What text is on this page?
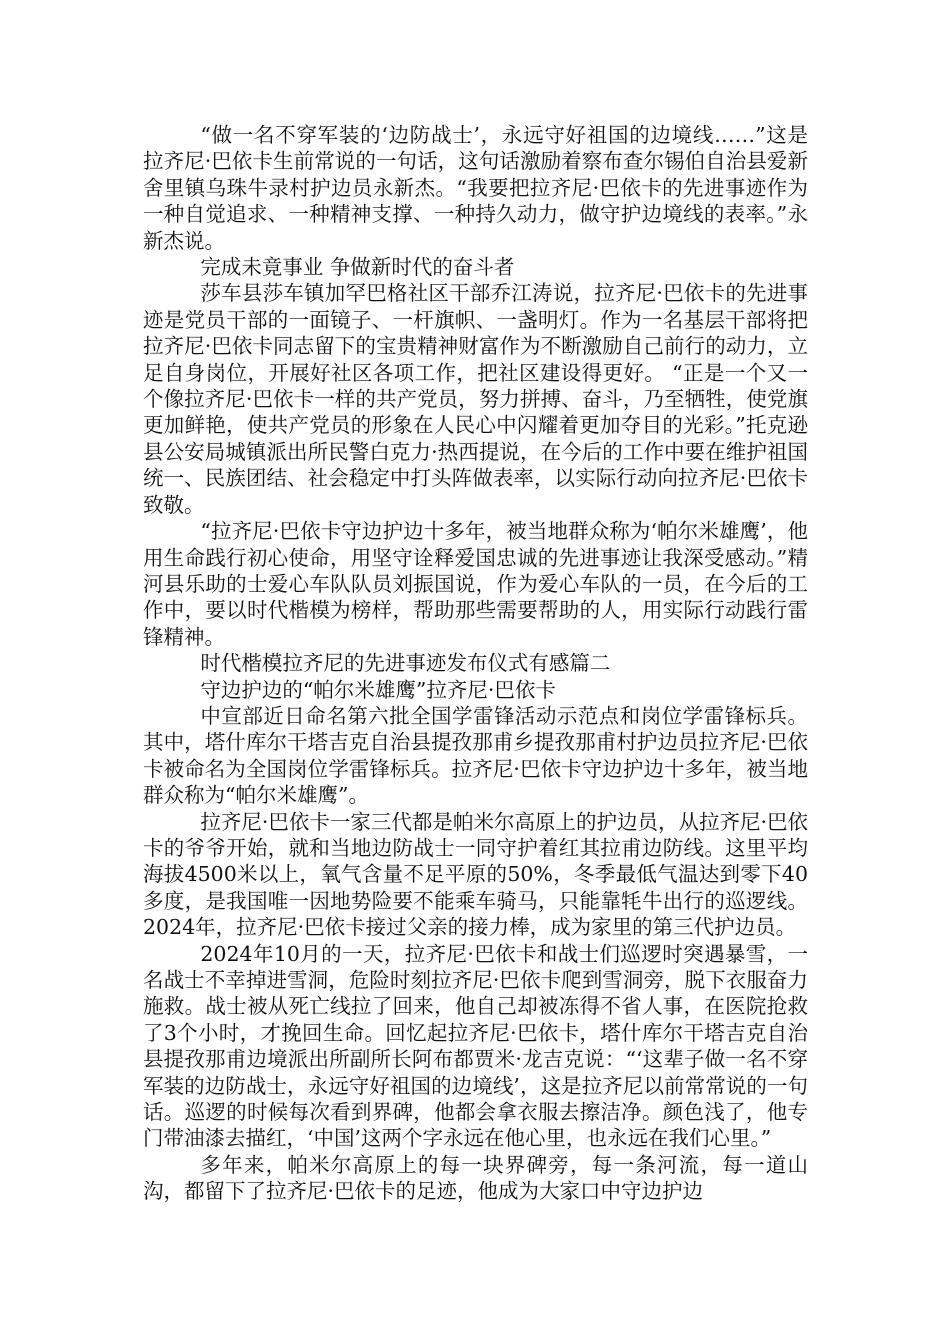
“做一名不穿军装的‘边防战士’，永远守好祖国的边境线……”这是拉齐尼·巴依卡生前常说的一句话，这句话激励着察布查尔锡伯自治县爱新舍里镇乌珠牛录村护边员永新杰。“我要把拉齐尼·巴依卡的先进事迹作为一种自觉追求、一种精神支撑、一种持久动力，做守护边境线的表率。”永新杰说。

完成未竟事业 争做新时代的奋斗者

莎车县莎车镇加罕巴格社区干部乔江涛说，拉齐尼·巴依卡的先进事迹是党员干部的一面镜子、一杆旗帜、一盏明灯。作为一名基层干部将把拉齐尼·巴依卡同志留下的宝贵精神财富作为不断激励自己前行的动力，立足自身岗位，开展好社区各项工作，把社区建设得更好。 “正是一个又一个像拉齐尼·巴依卡一样的共产党员，努力拼搏、奋斗，乃至牺牲，使党旗更加鲜艳，使共产党员的形象在人民心中闪耀着更加夺目的光彩。”托克逊县公安局城镇派出所民警白克力·热西提说，在今后的工作中要在维护祖国统一、民族团结、社会稳定中打头阵做表率，以实际行动向拉齐尼·巴依卡致敬。

“拉齐尼·巴依卡守边护边十多年，被当地群众称为‘帕尔米雄鹰’，他用生命践行初心使命，用坚守诠释爱国忠诚的先进事迹让我深受感动。”精河县乐助的士爱心车队队员刘振国说，作为爱心车队的一员，在今后的工作中，要以时代楷模为榜样，帮助那些需要帮助的人，用实际行动践行雷锋精神。

时代楷模拉齐尼的先进事迹发布仪式有感篇二

守边护边的“帕尔米雄鹰”拉齐尼·巴依卡

中宣部近日命名第六批全国学雷锋活动示范点和岗位学雷锋标兵。其中，塔什库尔干塔吉克自治县提孜那甫乡提孜那甫村护边员拉齐尼·巴依卡被命名为全国岗位学雷锋标兵。拉齐尼·巴依卡守边护边十多年，被当地群众称为“帕尔米雄鹰”。

拉齐尼·巴依卡一家三代都是帕米尔高原上的护边员，从拉齐尼·巴依卡的爷爷开始，就和当地边防战士一同守护着红其拉甫边防线。这里平均海拔4500米以上，氧气含量不足平原的50%，冬季最低气温达到零下40多度，是我国唯一因地势险要不能乘车骑马，只能靠牦牛出行的巡逻线。2024年，拉齐尼·巴依卡接过父亲的接力棒，成为家里的第三代护边员。

2024年10月的一天，拉齐尼·巴依卡和战士们巡逻时突遇暴雪，一名战士不幸掉进雪洞，危险时刻拉齐尼·巴依卡爬到雪洞旁，脱下衣服奋力施救。战士被从死亡线拉了回来，他自己却被冻得不省人事，在医院抢救了3个小时，才挽回生命。回忆起拉齐尼·巴依卡，塔什库尔干塔吉克自治县提孜那甫边境派出所副所长阿布都贾米·龙吉克说：“‘这辈子做一名不穿军装的边防战士，永远守好祖国的边境线’，这是拉齐尼以前常常说的一句话。巡逻的时候每次看到界碑，他都会拿衣服去擦洁净。颜色浅了，他专门带油漆去描红，‘中国’这两个字永远在他心里，也永远在我们心里。”

多年来，帕米尔高原上的每一块界碑旁，每一条河流，每一道山沟，都留下了拉齐尼·巴依卡的足迹，他成为大家口中守边护边
